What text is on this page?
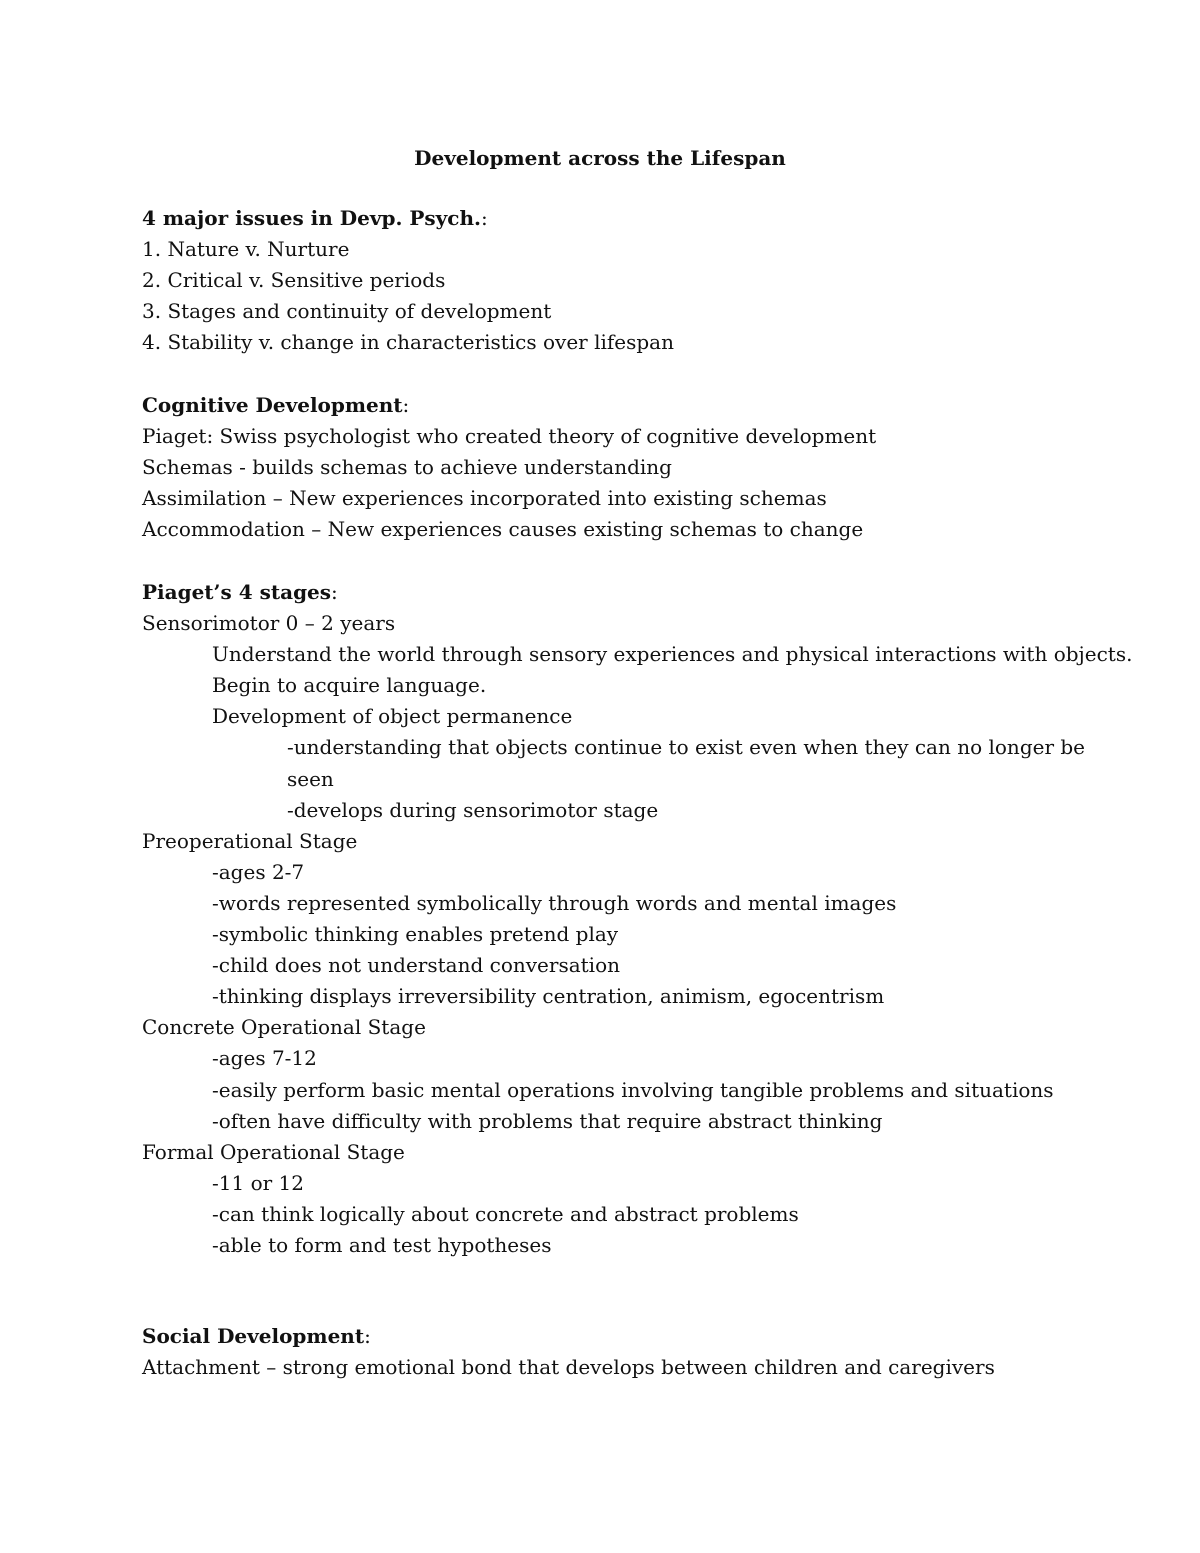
Development across the Lifespan
4 major issues in Devp. Psych.:
1. Nature v. Nurture
2. Critical v. Sensitive periods
3. Stages and continuity of development
4. Stability v. change in characteristics over lifespan
Cognitive Development:
Piaget: Swiss psychologist who created theory of cognitive development
Schemas - builds schemas to achieve understanding
Assimilation – New experiences incorporated into existing schemas
Accommodation – New experiences causes existing schemas to change
Piaget’s 4 stages:
Sensorimotor 0 – 2 years
Understand the world through sensory experiences and physical interactions with objects.
Begin to acquire language.
Development of object permanence
-understanding that objects continue to exist even when they can no longer be
seen
-develops during sensorimotor stage
Preoperational Stage
-ages 2-7
-words represented symbolically through words and mental images
-symbolic thinking enables pretend play
-child does not understand conversation
-thinking displays irreversibility centration, animism, egocentrism
Concrete Operational Stage
-ages 7-12
-easily perform basic mental operations involving tangible problems and situations
-often have difficulty with problems that require abstract thinking
Formal Operational Stage
-11 or 12
-can think logically about concrete and abstract problems
-able to form and test hypotheses
Social Development:
Attachment – strong emotional bond that develops between children and caregivers
